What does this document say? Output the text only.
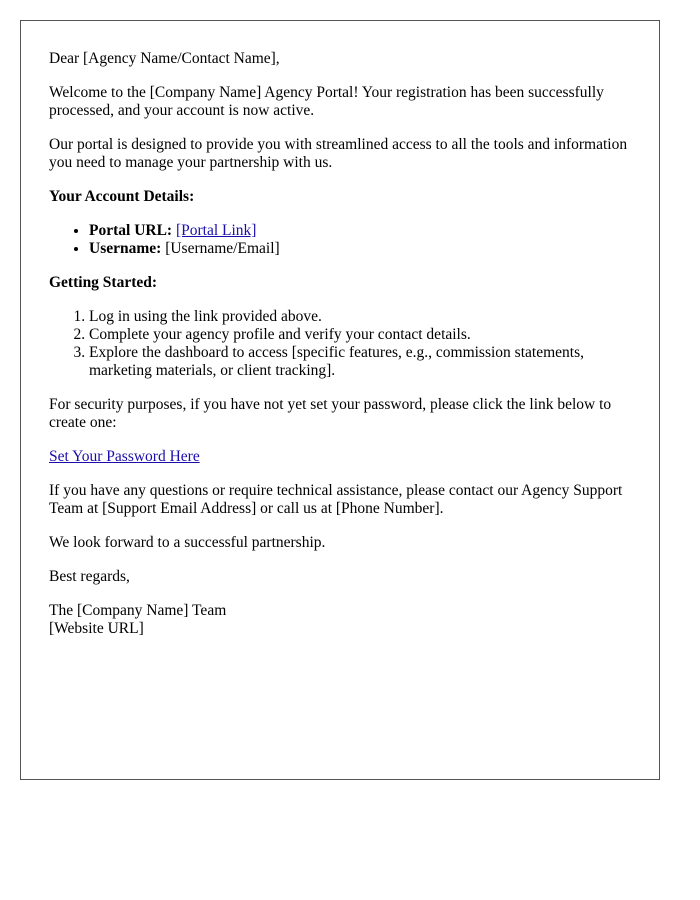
Dear [Agency Name/Contact Name],

Welcome to the [Company Name] Agency Portal! Your registration has been successfully processed, and your account is now active.

Our portal is designed to provide you with streamlined access to all the tools and information you need to manage your partnership with us.

Your Account Details:

• Portal URL: [Portal Link]
• Username: [Username/Email]

Getting Started:

1. Log in using the link provided above.
2. Complete your agency profile and verify your contact details.
3. Explore the dashboard to access [specific features, e.g., commission statements, marketing materials, or client tracking].

For security purposes, if you have not yet set your password, please click the link below to create one:

Set Your Password Here

If you have any questions or require technical assistance, please contact our Agency Support Team at [Support Email Address] or call us at [Phone Number].

We look forward to a successful partnership.

Best regards,

The [Company Name] Team
[Website URL]
